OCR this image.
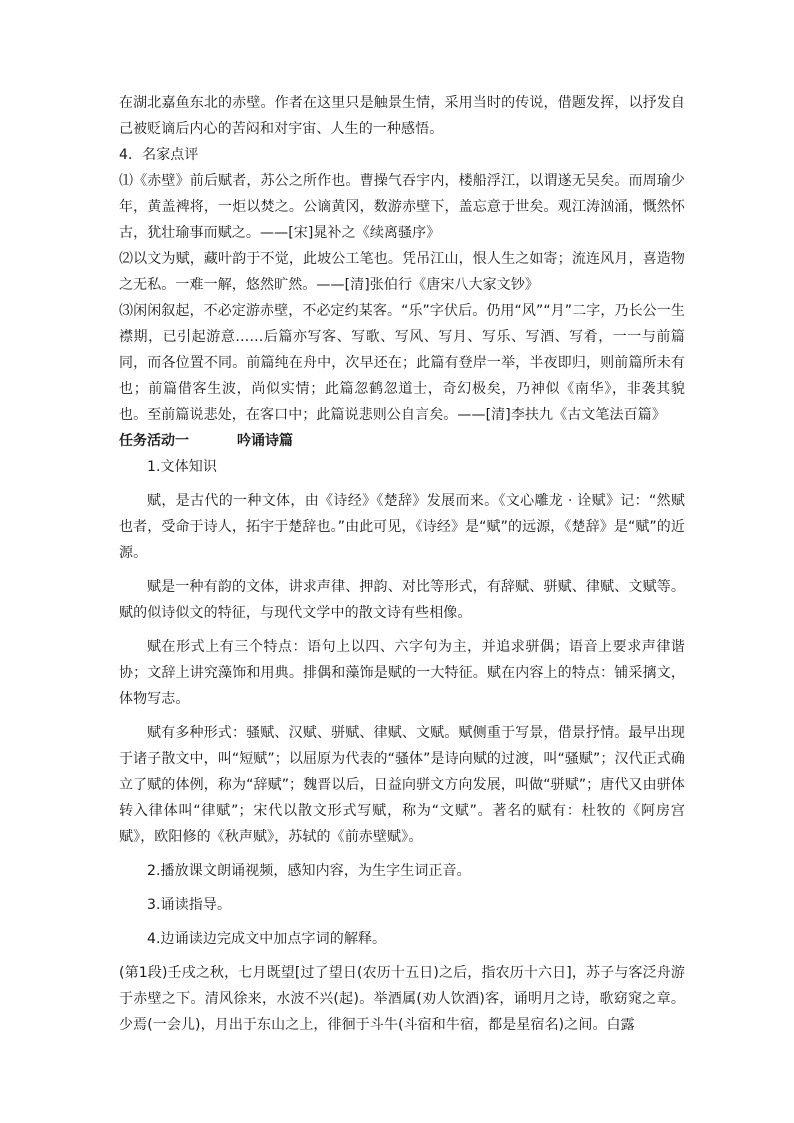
在湖北嘉鱼东北的赤壁。作者在这里只是触景生情，采用当时的传说，借题发挥，以抒发自己被贬谪后内心的苦闷和对宇宙、人生的一种感悟。

4．名家点评

⑴《赤壁》前后赋者，苏公之所作也。曹操气吞宇内，楼船浮江，以谓遂无吴矣。而周瑜少年，黄盖裨将，一炬以焚之。公谪黄冈，数游赤壁下，盖忘意于世矣。观江涛汹涌，慨然怀古，犹壮瑜事而赋之。——[宋]晁补之《续离骚序》

⑵以文为赋，藏叶韵于不觉，此坡公工笔也。凭吊江山，恨人生之如寄；流连风月，喜造物之无私。一难一解，悠然旷然。——[清]张伯行《唐宋八大家文钞》

⑶闲闲叙起，不必定游赤壁，不必定约某客。“乐”字伏后。仍用“风”“月”二字，乃长公一生襟期，已引起游意……后篇亦写客、写歌、写风、写月、写乐、写酒、写肴，一一与前篇同，而各位置不同。前篇纯在舟中，次早还在；此篇有登岸一举，半夜即归，则前篇所未有也；前篇借客生波，尚似实情；此篇忽鹤忽道士，奇幻极矣，乃神似《南华》，非袭其貌也。至前篇说悲处，在客口中；此篇说悲则公自言矣。——[清]李扶九《古文笔法百篇》

任务活动一	吟诵诗篇

1.文体知识

赋，是古代的一种文体，由《诗经》《楚辞》发展而来。《文心雕龙 · 诠赋》记：“然赋也者，受命于诗人，拓宇于楚辞也。”由此可见，《诗经》是“赋”的远源，《楚辞》是“赋”的近源。

赋是一种有韵的文体，讲求声律、押韵、对比等形式，有辞赋、骈赋、律赋、文赋等。赋的似诗似文的特征，与现代文学中的散文诗有些相像。

赋在形式上有三个特点：语句上以四、六字句为主，并追求骈偶；语音上要求声律谐协；文辞上讲究藻饰和用典。排偶和藻饰是赋的一大特征。赋在内容上的特点：铺采摛文，体物写志。

赋有多种形式：骚赋、汉赋、骈赋、律赋、文赋。赋侧重于写景，借景抒情。最早出现于诸子散文中，叫“短赋”；以屈原为代表的“骚体”是诗向赋的过渡，叫“骚赋”；汉代正式确立了赋的体例，称为“辞赋”；魏晋以后，日益向骈文方向发展，叫做“骈赋”；唐代又由骈体转入律体叫“律赋”；宋代以散文形式写赋，称为“文赋”。著名的赋有：杜牧的《阿房宫赋》，欧阳修的《秋声赋》，苏轼的《前赤壁赋》。

2.播放课文朗诵视频，感知内容，为生字生词正音。

3.诵读指导。

4.边诵读边完成文中加点字词的解释。

(第1段)壬戌之秋，七月既望[过了望日(农历十五日)之后，指农历十六日]，苏子与客泛舟游于赤壁之下。清风徐来，水波不兴(起)。举酒属(劝人饮酒)客，诵明月之诗，歌窈窕之章。少焉(一会儿)，月出于东山之上，徘徊于斗牛(斗宿和牛宿，都是星宿名)之间。白露
